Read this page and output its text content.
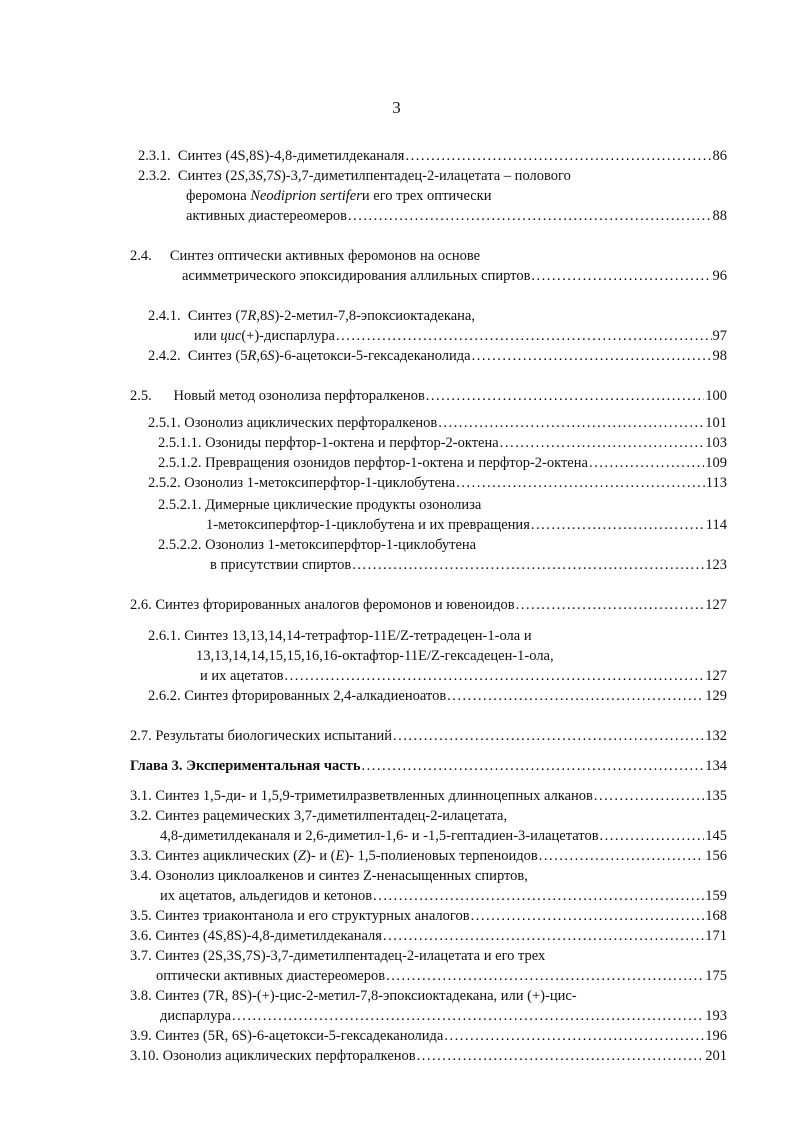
3
2.3.1.
Синтез (4S,8S)-4,8-диметилдеканаля .....	86
2.3.2.
Синтез (2 S ,3 S ,7 S )-3,7-диметилпентадец-2-илацетата – полового
феромона
Neodiprion sertifer и его трех оптически
активных диастереомеров .....	88
2.4.
Синтез оптически активных феромонов на основе
асимметрического эпоксидирования аллильных спиртов .....	96
2.4.1.
Синтез (7 R ,8 S )-2-метил-7,8-эпоксиоктадекана,
или
цис (+)-диспарлура .....	97
2.4.2.
Синтез (5 R ,6 S )-6-ацетокси-5-гексадеканолида .....	98
2.5.
Новый метод озонолиза перфторалкенов .....	100
2.5.1. Озонолиз ациклических перфторалкенов .....	101
2.5.1.1. Озониды перфтор-1-октена и перфтор-2-октена .....	103
2.5.1.2. Превращения озонидов перфтор-1-октена и перфтор-2-октена .....	109
2.5.2. Озонолиз 1-метоксиперфтор-1-циклобутена .....	113
2.5.2.1. Димерные циклические продукты озонолиза
1-метоксиперфтор-1-циклобутена и их превращения .....	114
2.5.2.2. Озонолиз 1-метоксиперфтор-1-циклобутена
в присутствии спиртов .....	123
2.6. Синтез фторированных аналогов феромонов и ювеноидов .....	127
2.6.1. Синтез 13,13,14,14-тетрафтор-11E/Z-тетрадецен-1-ола и
13,13,14,14,15,15,16,16-октафтор-11E/Z-гексадецен-1-ола,
и их ацетатов .....	127
2.6.2. Синтез фторированных 2,4-алкадиеноатов .....	129
2.7. Результаты биологических испытаний .....	132
Глава 3. Экспериментальная часть .....	134
3.1. Синтез 1,5-ди- и 1,5,9-триметилразветвленных длинноцепных алканов .....	135
3.2. Синтез рацемических 3,7-диметилпентадец-2-илацетата,
4,8-диметилдеканаля и 2,6-диметил-1,6- и -1,5-гептадиен-3-илацетатов .....	145
3.3. Синтез ациклических ( Z )- и ( E )- 1,5-полиеновых терпеноидов .....	156
3.4. Озонолиз циклоалкенов и синтез Z-ненасыщенных спиртов,
их ацетатов, альдегидов и кетонов .....	159
3.5. Синтез триаконтанола и его структурных аналогов .....	168
3.6. Синтез (4S,8S)-4,8-диметилдеканаля .....	171
3.7. Синтез (2S,3S,7S)-3,7-диметилпентадец-2-илацетата и его трех
оптически активных диастереомеров .....	175
3.8. Синтез (7R, 8S)-(+)-цис-2-метил-7,8-эпоксиоктадекана, или (+)-цис-
диспарлура .....	193
3.9. Синтез (5R, 6S)-6-ацетокси-5-гексадеканолида .....	196
3.10. Озонолиз ациклических перфторалкенов .....	201
